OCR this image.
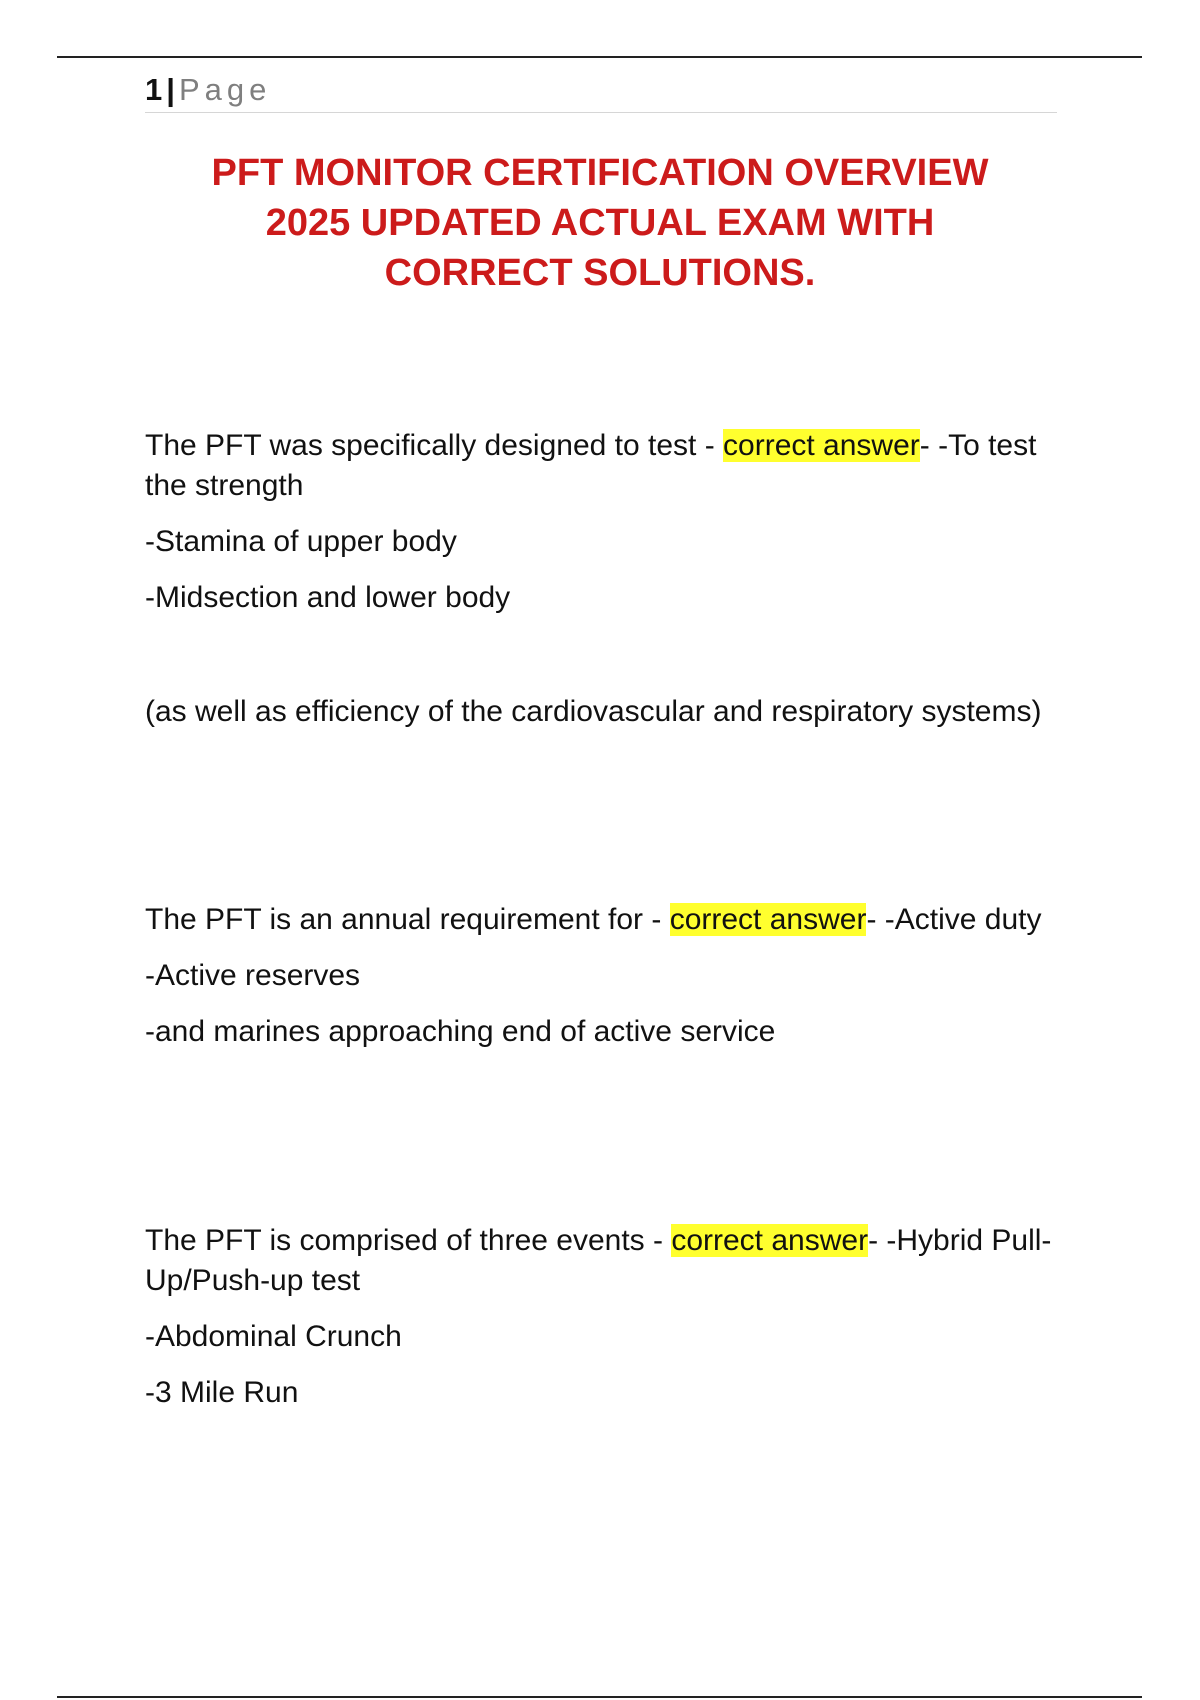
1 | Page
PFT MONITOR CERTIFICATION OVERVIEW
2025 UPDATED ACTUAL EXAM WITH
CORRECT SOLUTIONS.

The PFT was specifically designed to test - correct answer- -To test the strength

-Stamina of upper body

-Midsection and lower body

(as well as efficiency of the cardiovascular and respiratory systems)

The PFT is an annual requirement for - correct answer- -Active duty

-Active reserves

-and marines approaching end of active service

The PFT is comprised of three events - correct answer- -Hybrid Pull-Up/Push-up test

-Abdominal Crunch

-3 Mile Run
